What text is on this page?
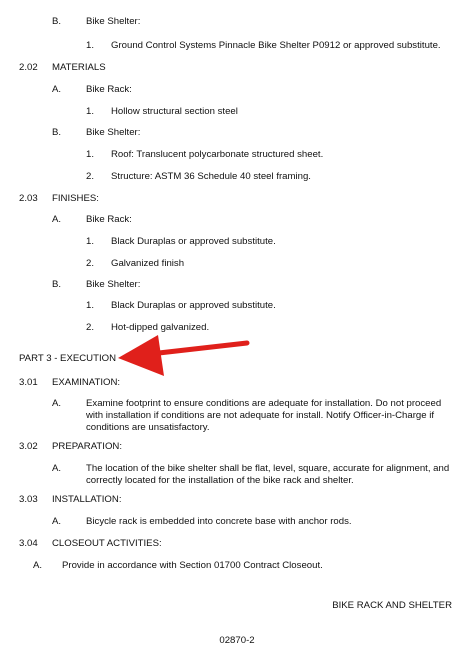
B.	Bike Shelter:
1. Ground Control Systems Pinnacle Bike Shelter P0912 or approved substitute.
2.02 MATERIALS
A.	Bike Rack:
1. Hollow structural section steel
B.	Bike Shelter:
1. Roof: Translucent polycarbonate structured sheet.
2. Structure: ASTM 36 Schedule 40 steel framing.
2.03 FINISHES:
A.	Bike Rack:
1. Black Duraplas or approved substitute.
2. Galvanized finish
B.	Bike Shelter:
1. Black Duraplas or approved substitute.
2. Hot-dipped galvanized.
PART 3 - EXECUTION
3.01 EXAMINATION:
A.	Examine footprint to ensure conditions are adequate for installation. Do not proceed with installation if conditions are not adequate for install. Notify Officer-in-Charge if conditions are unsatisfactory.
3.02 PREPARATION:
A.	The location of the bike shelter shall be flat, level, square, accurate for alignment, and correctly located for the installation of the bike rack and shelter.
3.03 INSTALLATION:
A.	Bicycle rack is embedded into concrete base with anchor rods.
3.04 CLOSEOUT ACTIVITIES:
A. Provide in accordance with Section 01700 Contract Closeout.
BIKE RACK AND SHELTER
02870-2
